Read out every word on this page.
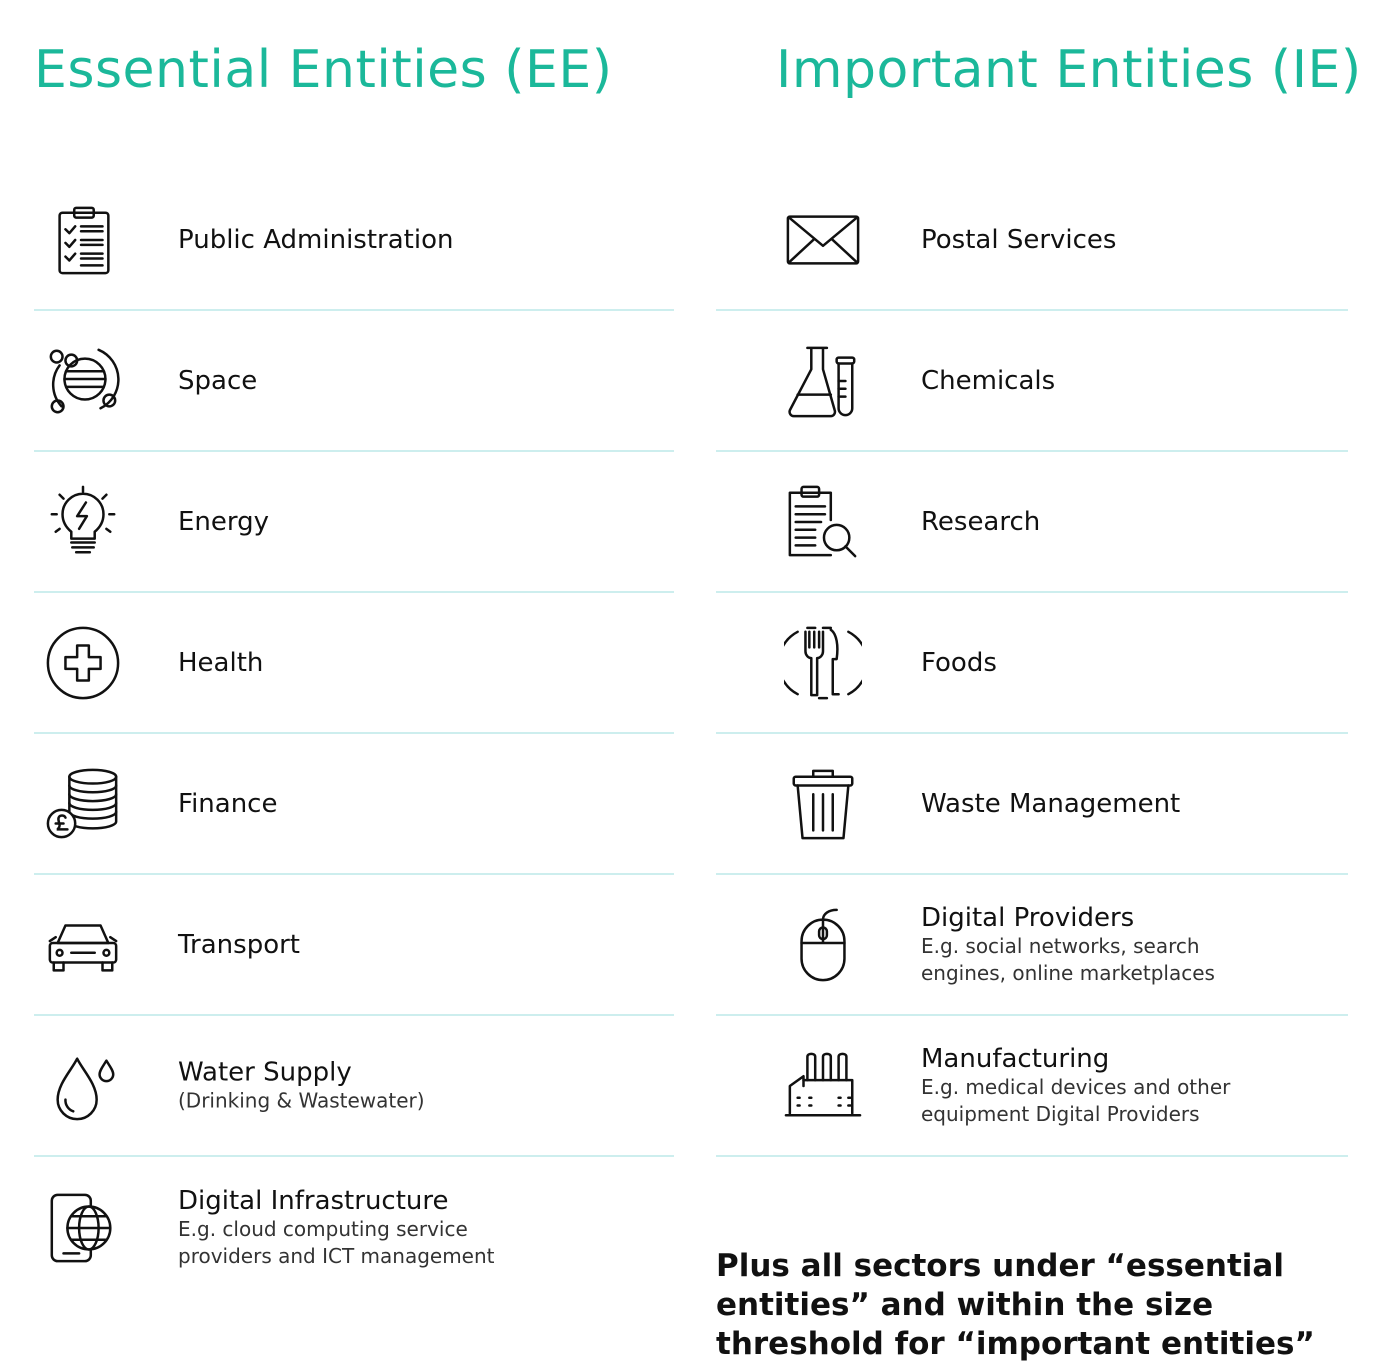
Essential Entities (EE)
Public Administration
Space
Energy
Health
Finance
Transport
Water Supply
(Drinking & Wastewater)
Digital Infrastructure
E.g. cloud computing service
providers and ICT management
Important Entities (IE)
Postal Services
Chemicals
Research
Foods
Waste Management
Digital Providers
E.g. social networks, search
engines, online marketplaces
Manufacturing
E.g. medical devices and other
equipment Digital Providers

Plus all sectors under “essential entities” and within the size threshold for “important entities”
